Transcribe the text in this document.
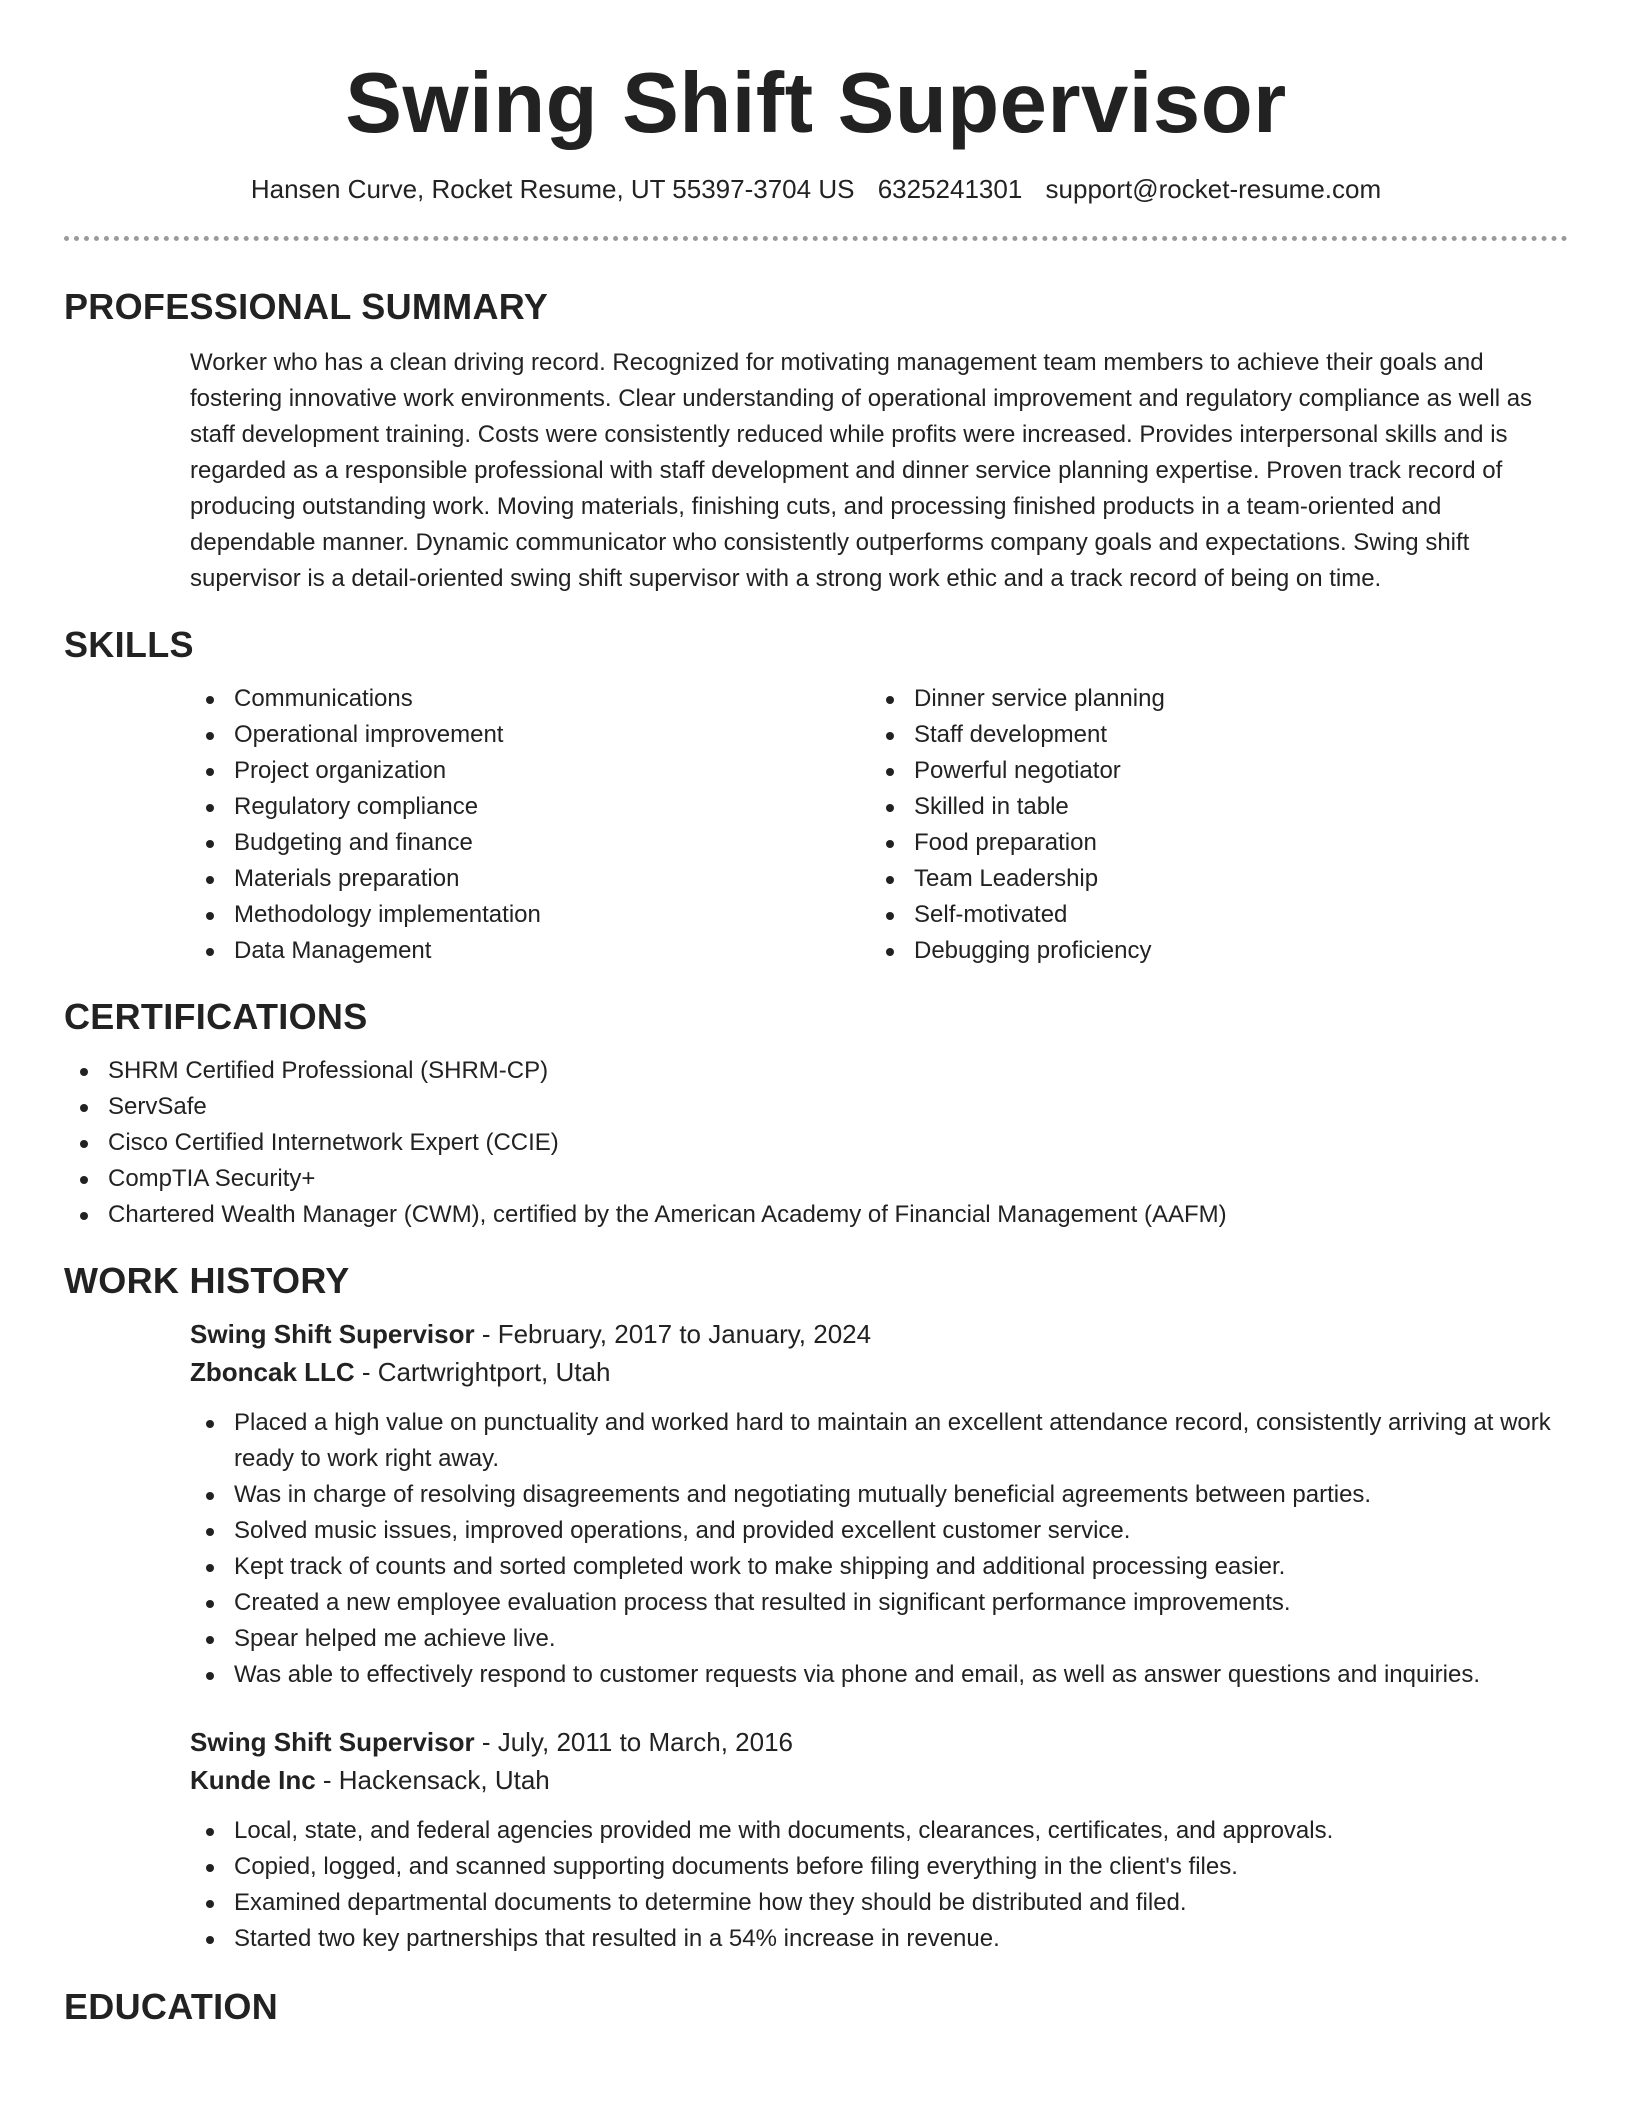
Swing Shift Supervisor
Hansen Curve, Rocket Resume, UT 55397-3704 US 6325241301 support@rocket-resume.com
PROFESSIONAL SUMMARY
Worker who has a clean driving record. Recognized for motivating management team members to achieve their goals and fostering innovative work environments. Clear understanding of operational improvement and regulatory compliance as well as staff development training. Costs were consistently reduced while profits were increased. Provides interpersonal skills and is regarded as a responsible professional with staff development and dinner service planning expertise. Proven track record of producing outstanding work. Moving materials, finishing cuts, and processing finished products in a team-oriented and dependable manner. Dynamic communicator who consistently outperforms company goals and expectations. Swing shift supervisor is a detail-oriented swing shift supervisor with a strong work ethic and a track record of being on time.
SKILLS
Communications
Operational improvement
Project organization
Regulatory compliance
Budgeting and finance
Materials preparation
Methodology implementation
Data Management
Dinner service planning
Staff development
Powerful negotiator
Skilled in table
Food preparation
Team Leadership
Self-motivated
Debugging proficiency
CERTIFICATIONS
SHRM Certified Professional (SHRM-CP)
ServSafe
Cisco Certified Internetwork Expert (CCIE)
CompTIA Security+
Chartered Wealth Manager (CWM), certified by the American Academy of Financial Management (AAFM)
WORK HISTORY
Swing Shift Supervisor - February, 2017 to January, 2024
Zboncak LLC - Cartwrightport, Utah
Placed a high value on punctuality and worked hard to maintain an excellent attendance record, consistently arriving at work ready to work right away.
Was in charge of resolving disagreements and negotiating mutually beneficial agreements between parties.
Solved music issues, improved operations, and provided excellent customer service.
Kept track of counts and sorted completed work to make shipping and additional processing easier.
Created a new employee evaluation process that resulted in significant performance improvements.
Spear helped me achieve live.
Was able to effectively respond to customer requests via phone and email, as well as answer questions and inquiries.
Swing Shift Supervisor - July, 2011 to March, 2016
Kunde Inc - Hackensack, Utah
Local, state, and federal agencies provided me with documents, clearances, certificates, and approvals.
Copied, logged, and scanned supporting documents before filing everything in the client's files.
Examined departmental documents to determine how they should be distributed and filed.
Started two key partnerships that resulted in a 54% increase in revenue.
EDUCATION
